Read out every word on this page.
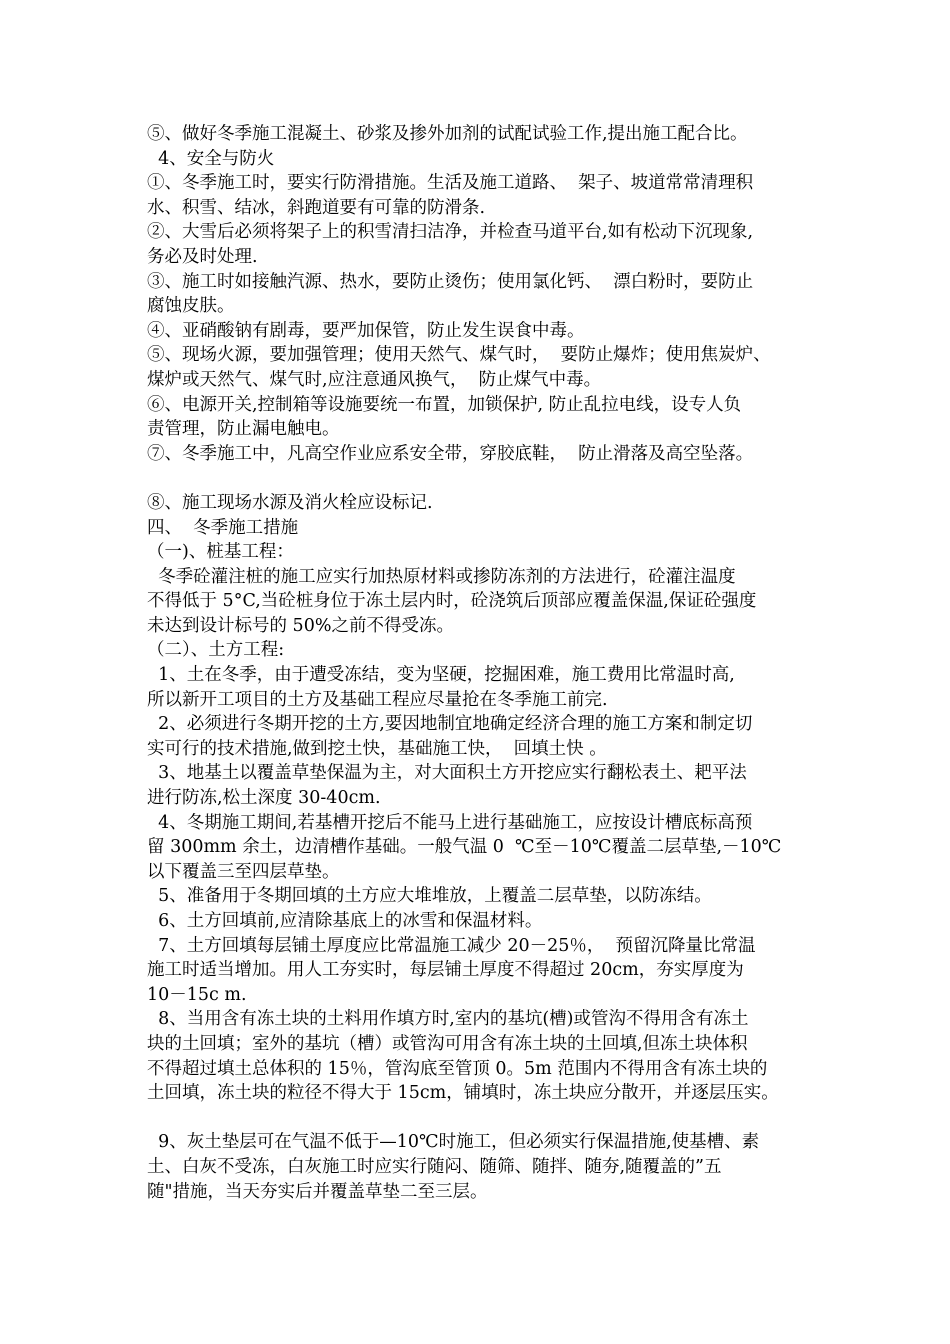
⑤、做好冬季施工混凝土、砂浆及掺外加剂的试配试验工作,提出施工配合比。

4、安全与防火

①、冬季施工时，要实行防滑措施。生活及施工道路、  架子、坡道常常清理积

水、积雪、结冰，斜跑道要有可靠的防滑条.

②、大雪后必须将架子上的积雪清扫洁净，并检查马道平台,如有松动下沉现象,

务必及时处理.

③、施工时如接触汽源、热水，要防止烫伤；使用氯化钙、  漂白粉时，要防止

腐蚀皮肤。

④、亚硝酸钠有剧毒，要严加保管，防止发生误食中毒。

⑤、现场火源，要加强管理；使用天然气、煤气时，  要防止爆炸；使用焦炭炉、

煤炉或天然气、煤气时,应注意通风换气，  防止煤气中毒。

⑥、电源开关,控制箱等设施要统一布置，加锁保护, 防止乱拉电线，设专人负

责管理，防止漏电触电。

⑦、冬季施工中，凡高空作业应系安全带，穿胶底鞋，  防止滑落及高空坠落。

⑧、施工现场水源及消火栓应设标记.

四、  冬季施工措施

（一)、桩基工程：

冬季砼灌注桩的施工应实行加热原材料或掺防冻剂的方法进行，砼灌注温度

不得低于 5°C,当砼桩身位于冻土层内时，砼浇筑后顶部应覆盖保温,保证砼强度

未达到设计标号的 50%之前不得受冻。

（二）、土方工程:

1、土在冬季，由于遭受冻结，变为坚硬，挖掘困难，施工费用比常温时高,

所以新开工项目的土方及基础工程应尽量抢在冬季施工前完.

2、必须进行冬期开挖的土方,要因地制宜地确定经济合理的施工方案和制定切

实可行的技术措施,做到挖土快，基础施工快，  回填土快 。

3、地基土以覆盖草垫保温为主，对大面积土方开挖应实行翻松表土、耙平法

进行防冻,松土深度 30-40cm.

4、冬期施工期间,若基槽开挖后不能马上进行基础施工，应按设计槽底标高预

留 300mm 余土，边清槽作基础。一般气温 0  ℃至－10℃覆盖二层草垫,－10℃

以下覆盖三至四层草垫。

5、准备用于冬期回填的土方应大堆堆放，上覆盖二层草垫，以防冻结。

6、土方回填前,应清除基底上的冰雪和保温材料。

7、土方回填每层铺土厚度应比常温施工减少 20－25％，  预留沉降量比常温

施工时适当增加。用人工夯实时，每层铺土厚度不得超过 20cm，夯实厚度为

10－15c m.

8、当用含有冻土块的土料用作填方时,室内的基坑(槽)或管沟不得用含有冻土

块的土回填；室外的基坑（槽）或管沟可用含有冻土块的土回填,但冻土块体积

不得超过填土总体积的 15％，管沟底至管顶 0。5m 范围内不得用含有冻土块的

土回填，冻土块的粒径不得大于 15cm，铺填时，冻土块应分散开，并逐层压实。

9、灰土垫层可在气温不低于—10℃时施工，但必须实行保温措施,使基槽、素

土、白灰不受冻，白灰施工时应实行随闷、随筛、随拌、随夯,随覆盖的”五

随"措施，当天夯实后并覆盖草垫二至三层。
